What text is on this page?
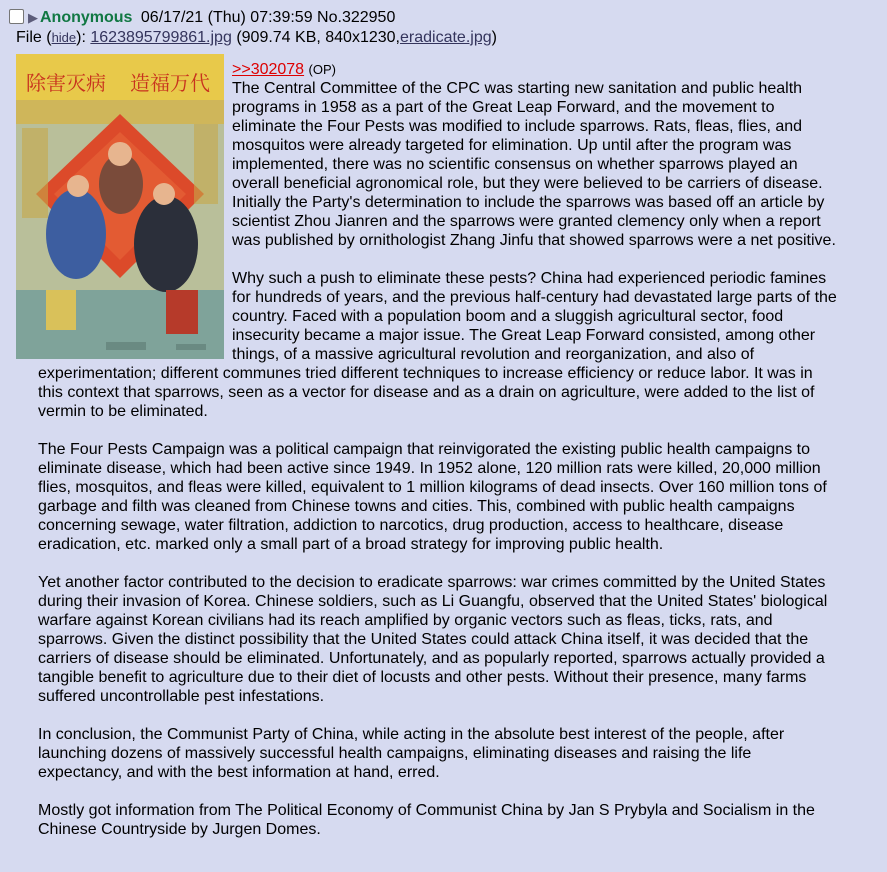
▶ Anonymous 06/17/21 (Thu) 07:39:59 No.322950
File (hide): 1623895799861.jpg (909.74 KB, 840x1230,eradicate.jpg)
除害灭病 造福万代

>>302078 (OP)
The Central Committee of the CPC was starting new sanitation and public health programs in 1958 as a part of the Great Leap Forward, and the movement to eliminate the Four Pests was modified to include sparrows. Rats, fleas, flies, and mosquitos were already targeted for elimination. Up until after the program was implemented, there was no scientific consensus on whether sparrows played an overall beneficial agronomical role, but they were believed to be carriers of disease. Initially the Party's determination to include the sparrows was based off an article by scientist Zhou Jianren and the sparrows were granted clemency only when a report was published by ornithologist Zhang Jinfu that showed sparrows were a net positive.

Why such a push to eliminate these pests? China had experienced periodic famines for hundreds of years, and the previous half-century had devastated large parts of the country. Faced with a population boom and a sluggish agricultural sector, food insecurity became a major issue. The Great Leap Forward consisted, among other things, of a massive agricultural revolution and reorganization, and also of experimentation; different communes tried different techniques to increase efficiency or reduce labor. It was in this context that sparrows, seen as a vector for disease and as a drain on agriculture, were added to the list of vermin to be eliminated.

The Four Pests Campaign was a political campaign that reinvigorated the existing public health campaigns to eliminate disease, which had been active since 1949. In 1952 alone, 120 million rats were killed, 20,000 million flies, mosquitos, and fleas were killed, equivalent to 1 million kilograms of dead insects. Over 160 million tons of garbage and filth was cleaned from Chinese towns and cities. This, combined with public health campaigns concerning sewage, water filtration, addiction to narcotics, drug production, access to healthcare, disease eradication, etc. marked only a small part of a broad strategy for improving public health.

Yet another factor contributed to the decision to eradicate sparrows: war crimes committed by the United States during their invasion of Korea. Chinese soldiers, such as Li Guangfu, observed that the United States' biological warfare against Korean civilians had its reach amplified by organic vectors such as fleas, ticks, rats, and sparrows. Given the distinct possibility that the United States could attack China itself, it was decided that the carriers of disease should be eliminated. Unfortunately, and as popularly reported, sparrows actually provided a tangible benefit to agriculture due to their diet of locusts and other pests. Without their presence, many farms suffered uncontrollable pest infestations.

In conclusion, the Communist Party of China, while acting in the absolute best interest of the people, after launching dozens of massively successful health campaigns, eliminating diseases and raising the life expectancy, and with the best information at hand, erred.

Mostly got information from The Political Economy of Communist China by Jan S Prybyla and Socialism in the Chinese Countryside by Jurgen Domes.
